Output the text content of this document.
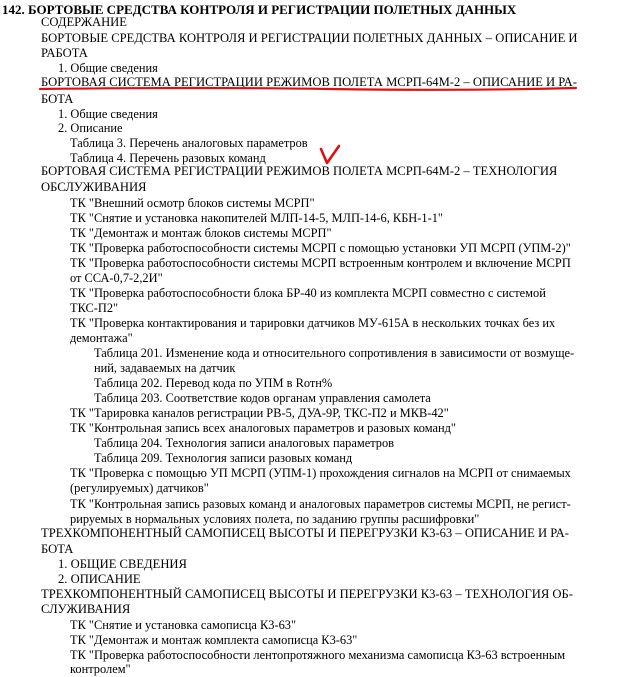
142. БОРТОВЫЕ СРЕДСТВА КОНТРОЛЯ И РЕГИСТРАЦИИ ПОЛЕТНЫХ ДАННЫХ
СОДЕРЖАНИЕ
БОРТОВЫЕ СРЕДСТВА КОНТРОЛЯ И РЕГИСТРАЦИИ ПОЛЕТНЫХ ДАННЫХ – ОПИСАНИЕ И
РАБОТА
1. Общие сведения
БОРТОВАЯ СИСТЕМА РЕГИСТРАЦИИ РЕЖИМОВ ПОЛЕТА МСРП-64М-2 – ОПИСАНИЕ И РА-
БОТА
1. Общие сведения
2. Описание
Таблица 3. Перечень аналоговых параметров
Таблица 4. Перечень разовых команд
БОРТОВАЯ СИСТЕМА РЕГИСТРАЦИИ РЕЖИМОВ ПОЛЕТА МСРП-64М-2 – ТЕХНОЛОГИЯ
ОБСЛУЖИВАНИЯ
ТК "Внешний осмотр блоков системы МСРП"
ТК "Снятие и установка накопителей МЛП-14-5, МЛП-14-6, КБН-1-1"
ТК "Демонтаж и монтаж блоков системы МСРП"
ТК "Проверка работоспособности системы МСРП с помощью установки УП МСРП (УПМ-2)"
ТК "Проверка работоспособности системы МСРП встроенным контролем и включение МСРП
от ССА-0,7-2,2И"
ТК "Проверка работоспособности блока БР-40 из комплекта МСРП совместно с системой
ТКС-П2"
ТК "Проверка контактирования и тарировки датчиков МУ-615А в нескольких точках без их
демонтажа"
Таблица 201. Изменение кода и относительного сопротивления в зависимости от возмуще-
ний, задаваемых на датчик
Таблица 202. Перевод кода по УПМ в Rотн%
Таблица 203. Соответствие кодов органам управления самолета
ТК "Тарировка каналов регистрации РВ-5, ДУА-9Р, ТКС-П2 и МКВ-42"
ТК "Контрольная запись всех аналоговых параметров и разовых команд"
Таблица 204. Технология записи аналоговых параметров
Таблица 209. Технология записи разовых команд
ТК "Проверка с помощью УП МСРП (УПМ-1) прохождения сигналов на МСРП от снимаемых
(регулируемых) датчиков"
ТК "Контрольная запись разовых команд и аналоговых параметров системы МСРП, не регист-
рируемых в нормальных условиях полета, по заданию группы расшифровки"
ТРЕХКОМПОНЕНТНЫЙ САМОПИСЕЦ ВЫСОТЫ И ПЕРЕГРУЗКИ К3-63 – ОПИСАНИЕ И РА-
БОТА
1. ОБЩИЕ СВЕДЕНИЯ
2. ОПИСАНИЕ
ТРЕХКОМПОНЕНТНЫЙ САМОПИСЕЦ ВЫСОТЫ И ПЕРЕГРУЗКИ К3-63 – ТЕХНОЛОГИЯ ОБ-
СЛУЖИВАНИЯ
ТК "Снятие и установка самописца К3-63"
ТК "Демонтаж и монтаж комплекта самописца К3-63"
ТК "Проверка работоспособности лентопротяжного механизма самописца К3-63 встроенным
контролем"
